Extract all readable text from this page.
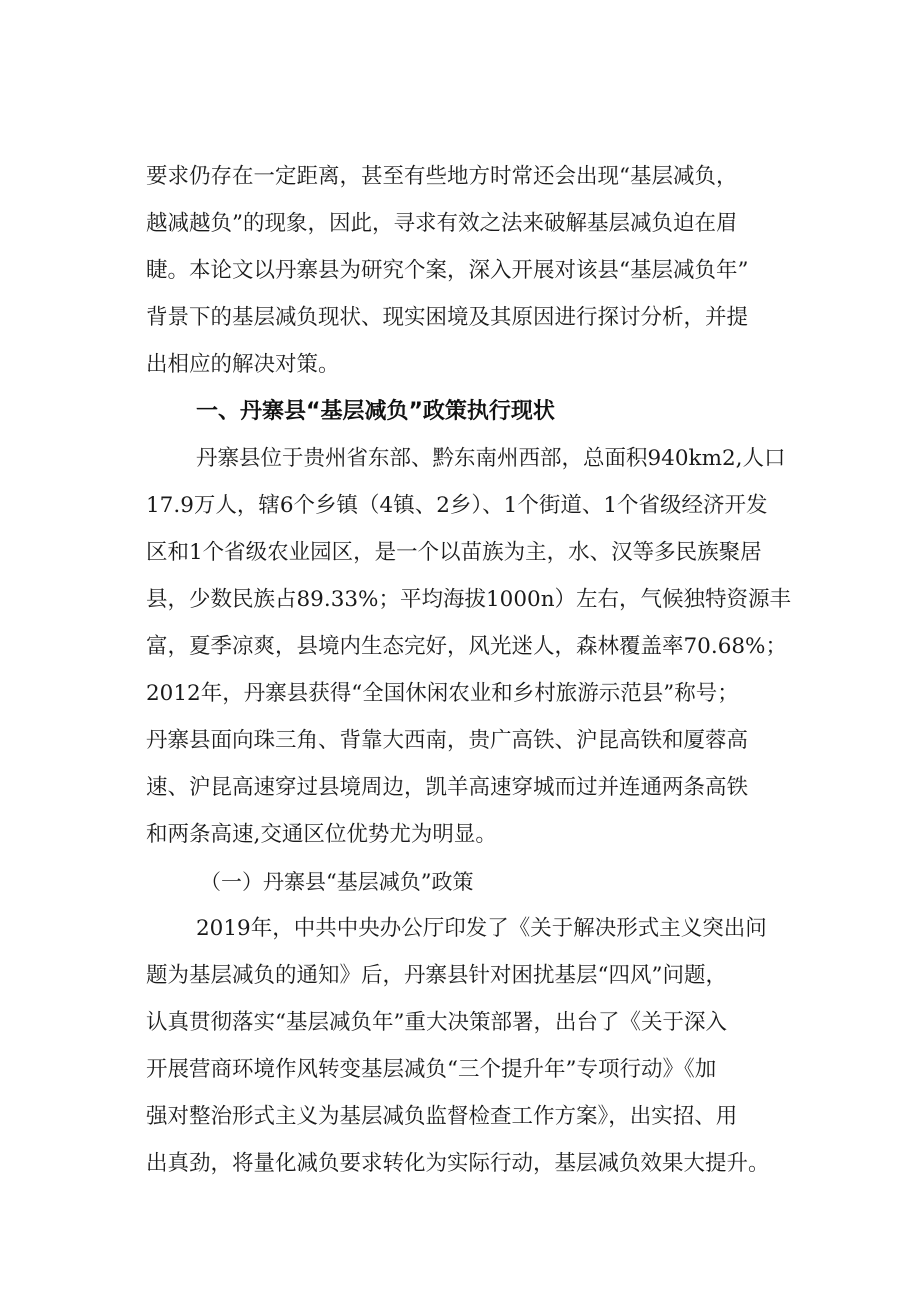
要求仍存在一定距离，甚至有些地方时常还会出现“基层减负，
越减越负”的现象，因此，寻求有效之法来破解基层减负迫在眉
睫。本论文以丹寨县为研究个案，深入开展对该县“基层减负年”
背景下的基层减负现状、现实困境及其原因进行探讨分析，并提
出相应的解决对策。
一、丹寨县“基层减负”政策执行现状
丹寨县位于贵州省东部、黔东南州西部，总面积940km2,人口
17.9万人，辖6个乡镇（4镇、2乡）、1个街道、1个省级经济开发
区和1个省级农业园区，是一个以苗族为主，水、汉等多民族聚居
县，少数民族占89.33%；平均海拔1000n）左右，气候独特资源丰
富，夏季凉爽，县境内生态完好，风光迷人，森林覆盖率70.68%；
2012年，丹寨县获得“全国休闲农业和乡村旅游示范县”称号；
丹寨县面向珠三角、背靠大西南，贵广高铁、沪昆高铁和厦蓉高
速、沪昆高速穿过县境周边，凯羊高速穿城而过并连通两条高铁
和两条高速,交通区位优势尤为明显。
（一）丹寨县“基层减负”政策
2019年，中共中央办公厅印发了《关于解决形式主义突出问
题为基层减负的通知》后，丹寨县针对困扰基层“四风”问题，
认真贯彻落实“基层减负年”重大决策部署，出台了《关于深入
开展营商环境作风转变基层减负“三个提升年”专项行动》《加
强对整治形式主义为基层减负监督检查工作方案》，出实招、用
出真劲，将量化减负要求转化为实际行动，基层减负效果大提升。
